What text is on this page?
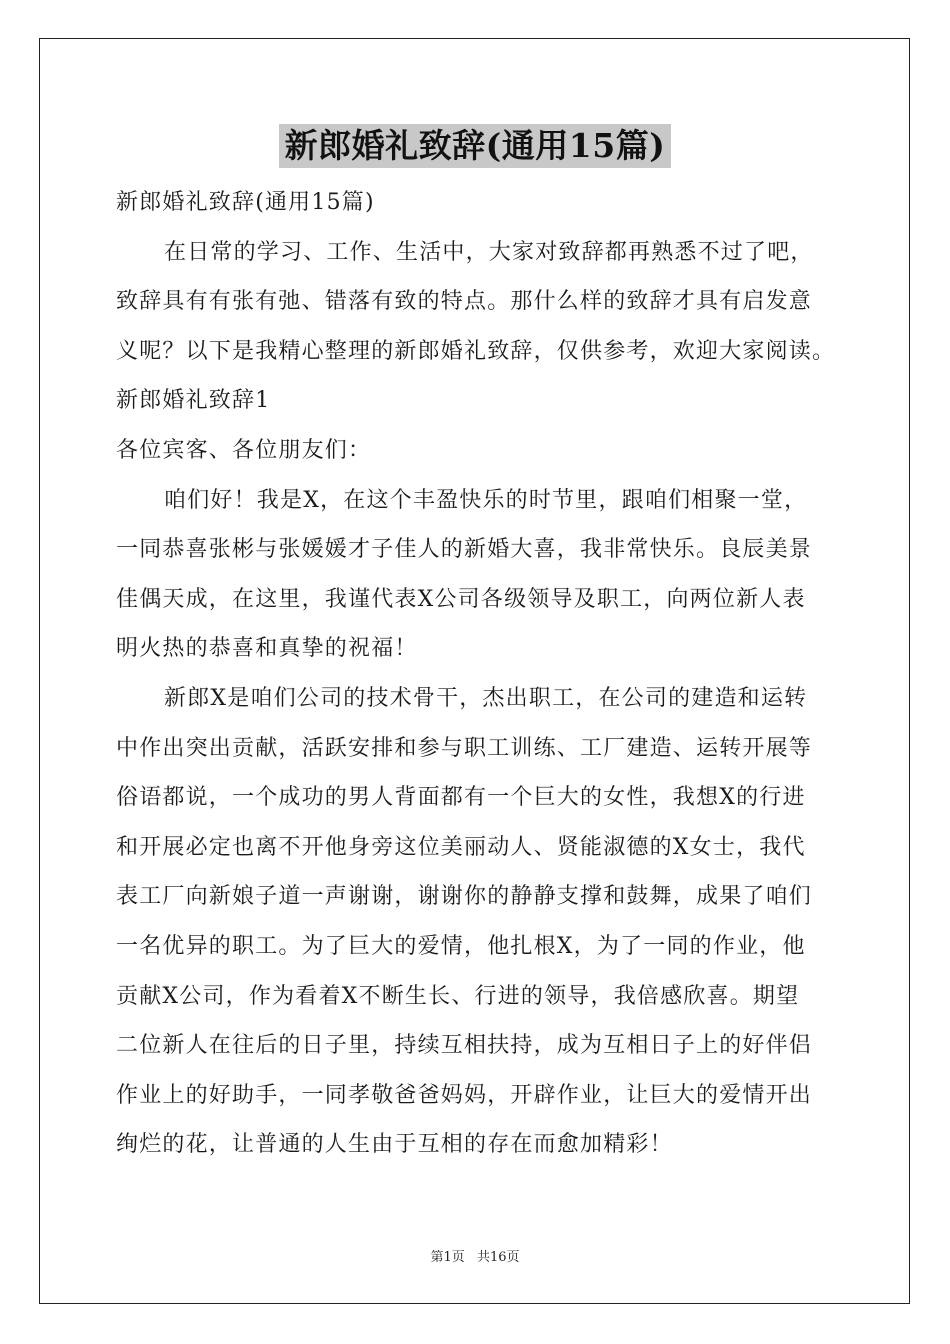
新郎婚礼致辞(通用15篇)
新郎婚礼致辞(通用15篇)
在日常的学习、工作、生活中，大家对致辞都再熟悉不过了吧，
致辞具有有张有弛、错落有致的特点。那什么样的致辞才具有启发意
义呢？以下是我精心整理的新郎婚礼致辞，仅供参考，欢迎大家阅读。
新郎婚礼致辞1
各位宾客、各位朋友们：
咱们好！我是X，在这个丰盈快乐的时节里，跟咱们相聚一堂，
一同恭喜张彬与张媛媛才子佳人的新婚大喜，我非常快乐。良辰美景
佳偶天成，在这里，我谨代表X公司各级领导及职工，向两位新人表
明火热的恭喜和真挚的祝福！
新郎X是咱们公司的技术骨干，杰出职工，在公司的建造和运转
中作出突出贡献，活跃安排和参与职工训练、工厂建造、运转开展等
俗语都说，一个成功的男人背面都有一个巨大的女性，我想X的行进
和开展必定也离不开他身旁这位美丽动人、贤能淑德的X女士，我代
表工厂向新娘子道一声谢谢，谢谢你的静静支撑和鼓舞，成果了咱们
一名优异的职工。为了巨大的爱情，他扎根X，为了一同的作业，他
贡献X公司，作为看着X不断生长、行进的领导，我倍感欣喜。期望
二位新人在往后的日子里，持续互相扶持，成为互相日子上的好伴侣
作业上的好助手，一同孝敬爸爸妈妈，开辟作业，让巨大的爱情开出
绚烂的花，让普通的人生由于互相的存在而愈加精彩！
第1页 共16页
